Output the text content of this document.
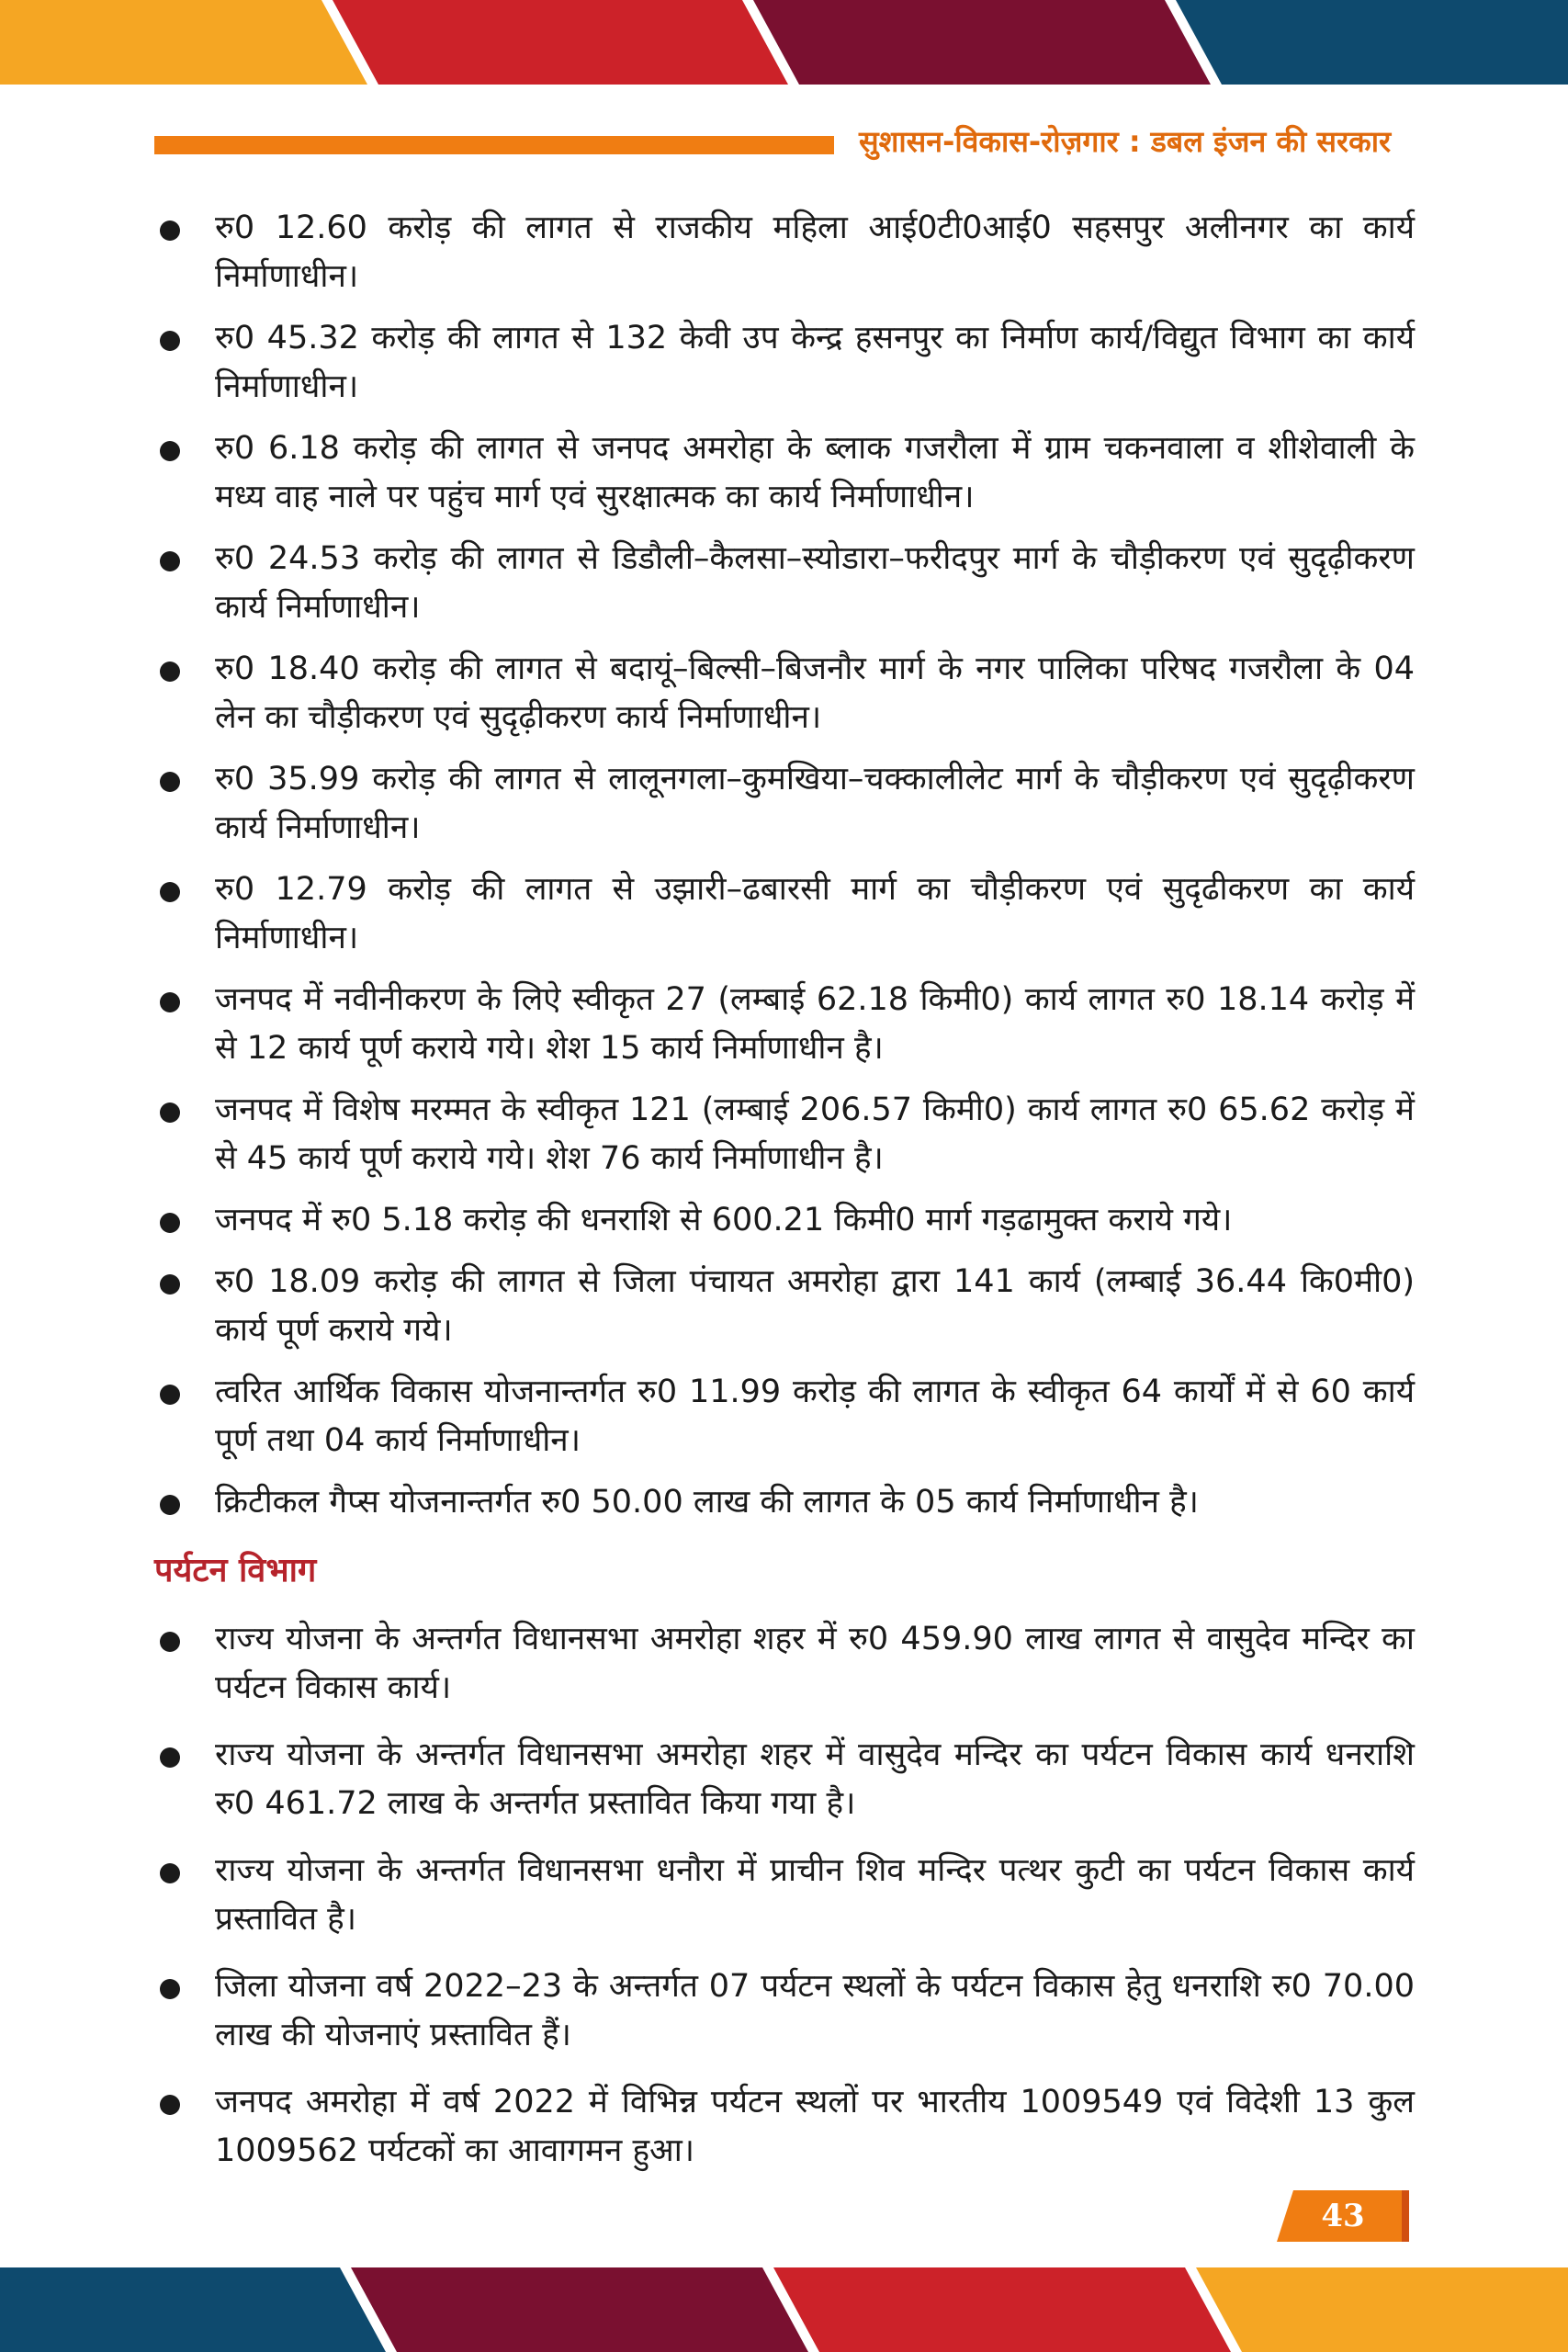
सुशासन-विकास-रोज़गार : डबल इंजन की सरकार
रु0 12.60 करोड़ की लागत से राजकीय महिला आई0टी0आई0 सहसपुर अलीनगर का कार्य निर्माणाधीन।
रु0 45.32 करोड़ की लागत से 132 केवी उप केन्द्र हसनपुर का निर्माण कार्य/विद्युत विभाग का कार्य निर्माणाधीन।
रु0 6.18 करोड़ की लागत से जनपद अमरोहा के ब्लाक गजरौला में ग्राम चकनवाला व शीशेवाली के मध्य वाह नाले पर पहुंच मार्ग एवं सुरक्षात्मक का कार्य निर्माणाधीन।
रु0 24.53 करोड़ की लागत से डिडौली–कैलसा–स्योडारा–फरीदपुर मार्ग के चौड़ीकरण एवं सुदृढ़ीकरण कार्य निर्माणाधीन।
रु0 18.40 करोड़ की लागत से बदायूं–बिल्सी–बिजनौर मार्ग के नगर पालिका परिषद गजरौला के 04 लेन का चौड़ीकरण एवं सुदृढ़ीकरण कार्य निर्माणाधीन।
रु0 35.99 करोड़ की लागत से लालूनगला–कुमखिया–चक्कालीलेट मार्ग के चौड़ीकरण एवं सुदृढ़ीकरण कार्य निर्माणाधीन।
रु0 12.79 करोड़ की लागत से उझारी–ढबारसी मार्ग का चौड़ीकरण एवं सुदृढीकरण का कार्य निर्माणाधीन।
जनपद में नवीनीकरण के लिऐ स्वीकृत 27 (लम्बाई 62.18 किमी0) कार्य लागत रु0 18.14 करोड़ में से 12 कार्य पूर्ण कराये गये। शेश 15 कार्य निर्माणाधीन है।
जनपद में विशेष मरम्मत के स्वीकृत 121 (लम्बाई 206.57 किमी0) कार्य लागत रु0 65.62 करोड़ में से 45 कार्य पूर्ण कराये गये। शेश 76 कार्य निर्माणाधीन है।
जनपद में रु0 5.18 करोड़ की धनराशि से 600.21 किमी0 मार्ग गड़ढामुक्त कराये गये।
रु0 18.09 करोड़ की लागत से जिला पंचायत अमरोहा द्वारा 141 कार्य (लम्बाई 36.44 कि0मी0) कार्य पूर्ण कराये गये।
त्वरित आर्थिक विकास योजनान्तर्गत रु0 11.99 करोड़ की लागत के स्वीकृत 64 कार्यों में से 60 कार्य पूर्ण तथा 04 कार्य निर्माणाधीन।
क्रिटीकल गैप्स योजनान्तर्गत रु0 50.00 लाख की लागत के 05 कार्य निर्माणाधीन है।
पर्यटन विभाग
राज्य योजना के अन्तर्गत विधानसभा अमरोहा शहर में रु0 459.90 लाख लागत से वासुदेव मन्दिर का पर्यटन विकास कार्य।
राज्य योजना के अन्तर्गत विधानसभा अमरोहा शहर में वासुदेव मन्दिर का पर्यटन विकास कार्य धनराशि रु0 461.72 लाख के अन्तर्गत प्रस्तावित किया गया है।
राज्य योजना के अन्तर्गत विधानसभा धनौरा में प्राचीन शिव मन्दिर पत्थर कुटी का पर्यटन विकास कार्य प्रस्तावित है।
जिला योजना वर्ष 2022–23 के अन्तर्गत 07 पर्यटन स्थलों के पर्यटन विकास हेतु धनराशि रु0 70.00 लाख की योजनाएं प्रस्तावित हैं।
जनपद अमरोहा में वर्ष 2022 में विभिन्न पर्यटन स्थलों पर भारतीय 1009549 एवं विदेशी 13 कुल 1009562 पर्यटकों का आवागमन हुआ।
43
